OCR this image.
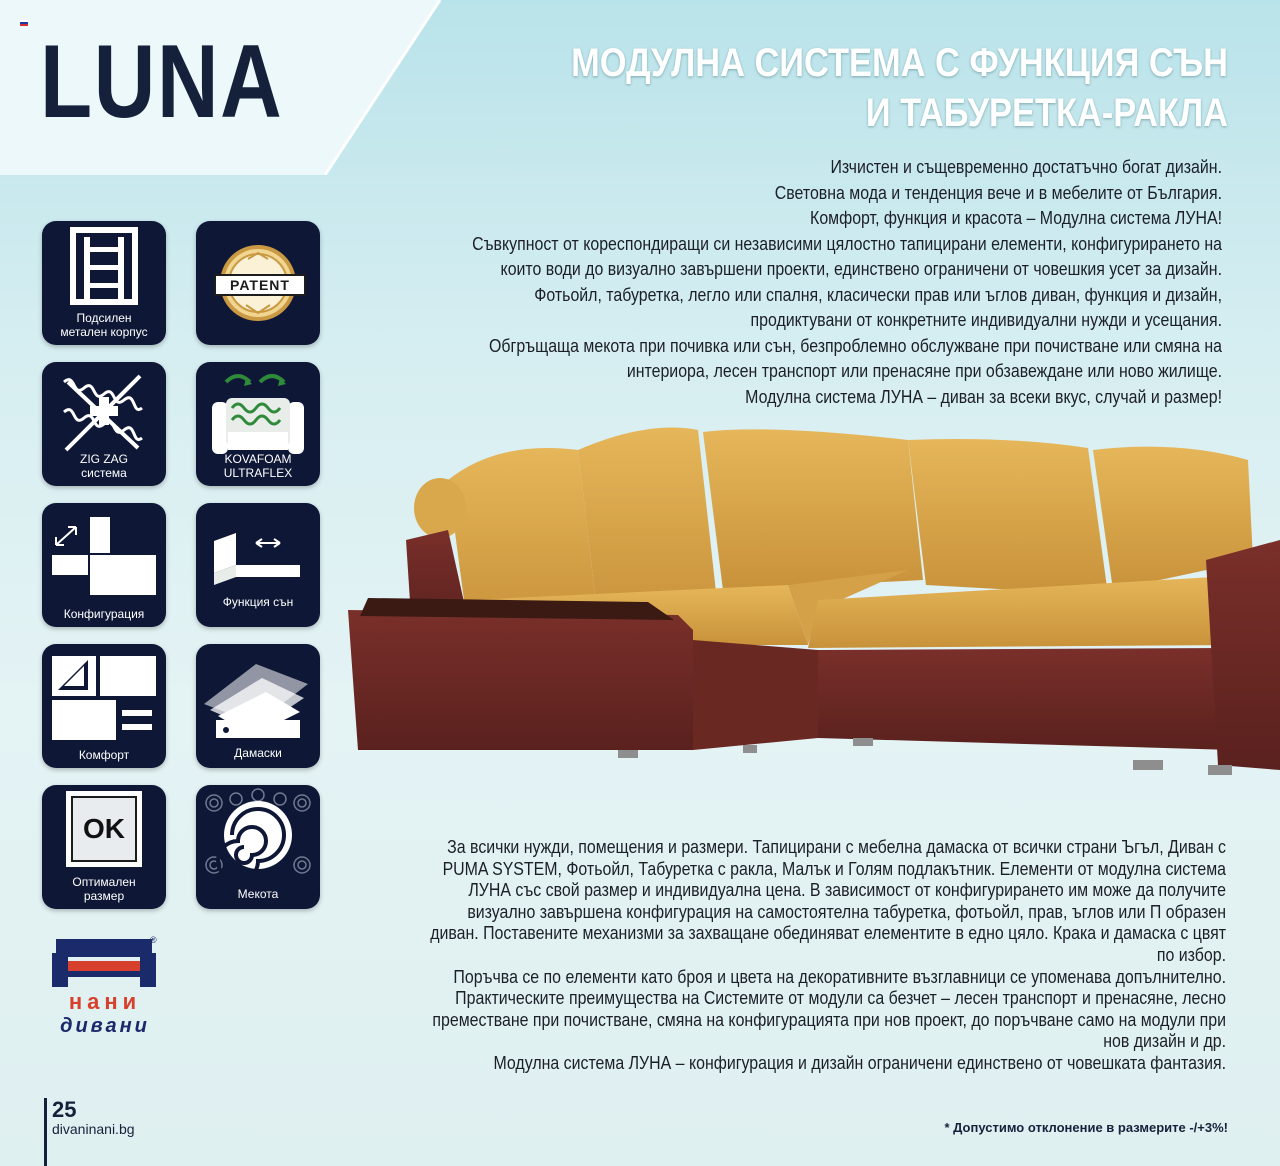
LUNA	МОДУЛНА СИСТЕМА С ФУНКЦИЯ СЪН
И ТАБУРЕТКА-РАКЛА

Изчистен и същевременно достатъчно богат дизайн.

Световна мода и тенденция вече и в мебелите от България.

Комфорт, функция и красота – Модулна система ЛУНА!

Съвкупност от кореспондиращи си независими цялостно тапицирани елементи, конфигурирането на

които води до визуално завършени проекти, единствено ограничени от човешкия усет за дизайн.

Фотьойл, табуретка, легло или спалня, класически прав или ъглов диван, функция и дизайн,

продиктувани от конкретните индивидуални нужди и усещания.

Обгръщаща мекота при почивка или сън, безпроблемно обслужване при почистване или смяна на

интериора, лесен транспорт или пренасяне при обзавеждане или ново жилище.

Модулна система ЛУНА – диван за всеки вкус, случай и размер!

Подсилен метален корпус
PATENT
ZIG ZAG
система
KOVAFOAM
ULTRAFLEX
Конфигурация
Функция сън
Комфорт	Дамаски
OK
Оптимален
размер	Мекота
®
нани
дивани

За всички нужди, помещения и размери. Тапицирани с мебелна дамаска от всички страни Ъгъл, Диван с

PUMA SYSTEM, Фотьойл, Табуретка с ракла, Малък и Голям подлакътник. Елементи от модулна система

ЛУНА със свой размер и индивидуална цена. В зависимост от конфигурирането им може да получите

визуално завършена конфигурация на самостоятелна табуретка, фотьойл, прав, ъглов или П образен

диван. Поставените механизми за захващане обединяват елементите в едно цяло. Крака и дамаска с цвят

по избор.

Поръчва се по елементи като броя и цвета на декоративните възглавници се упоменава допълнително.

Практическите преимущества на Системите от модули са безчет – лесен транспорт и пренасяне, лесно

преместване при почистване, смяна на конфигурацията при нов проект, до поръчване само на модули при

нов дизайн и др.

Модулна система ЛУНА – конфигурация и дизайн ограничени единствено от човешката фантазия.

25
divaninani.bg	* Допустимо отклонение в размерите -/+3%!
